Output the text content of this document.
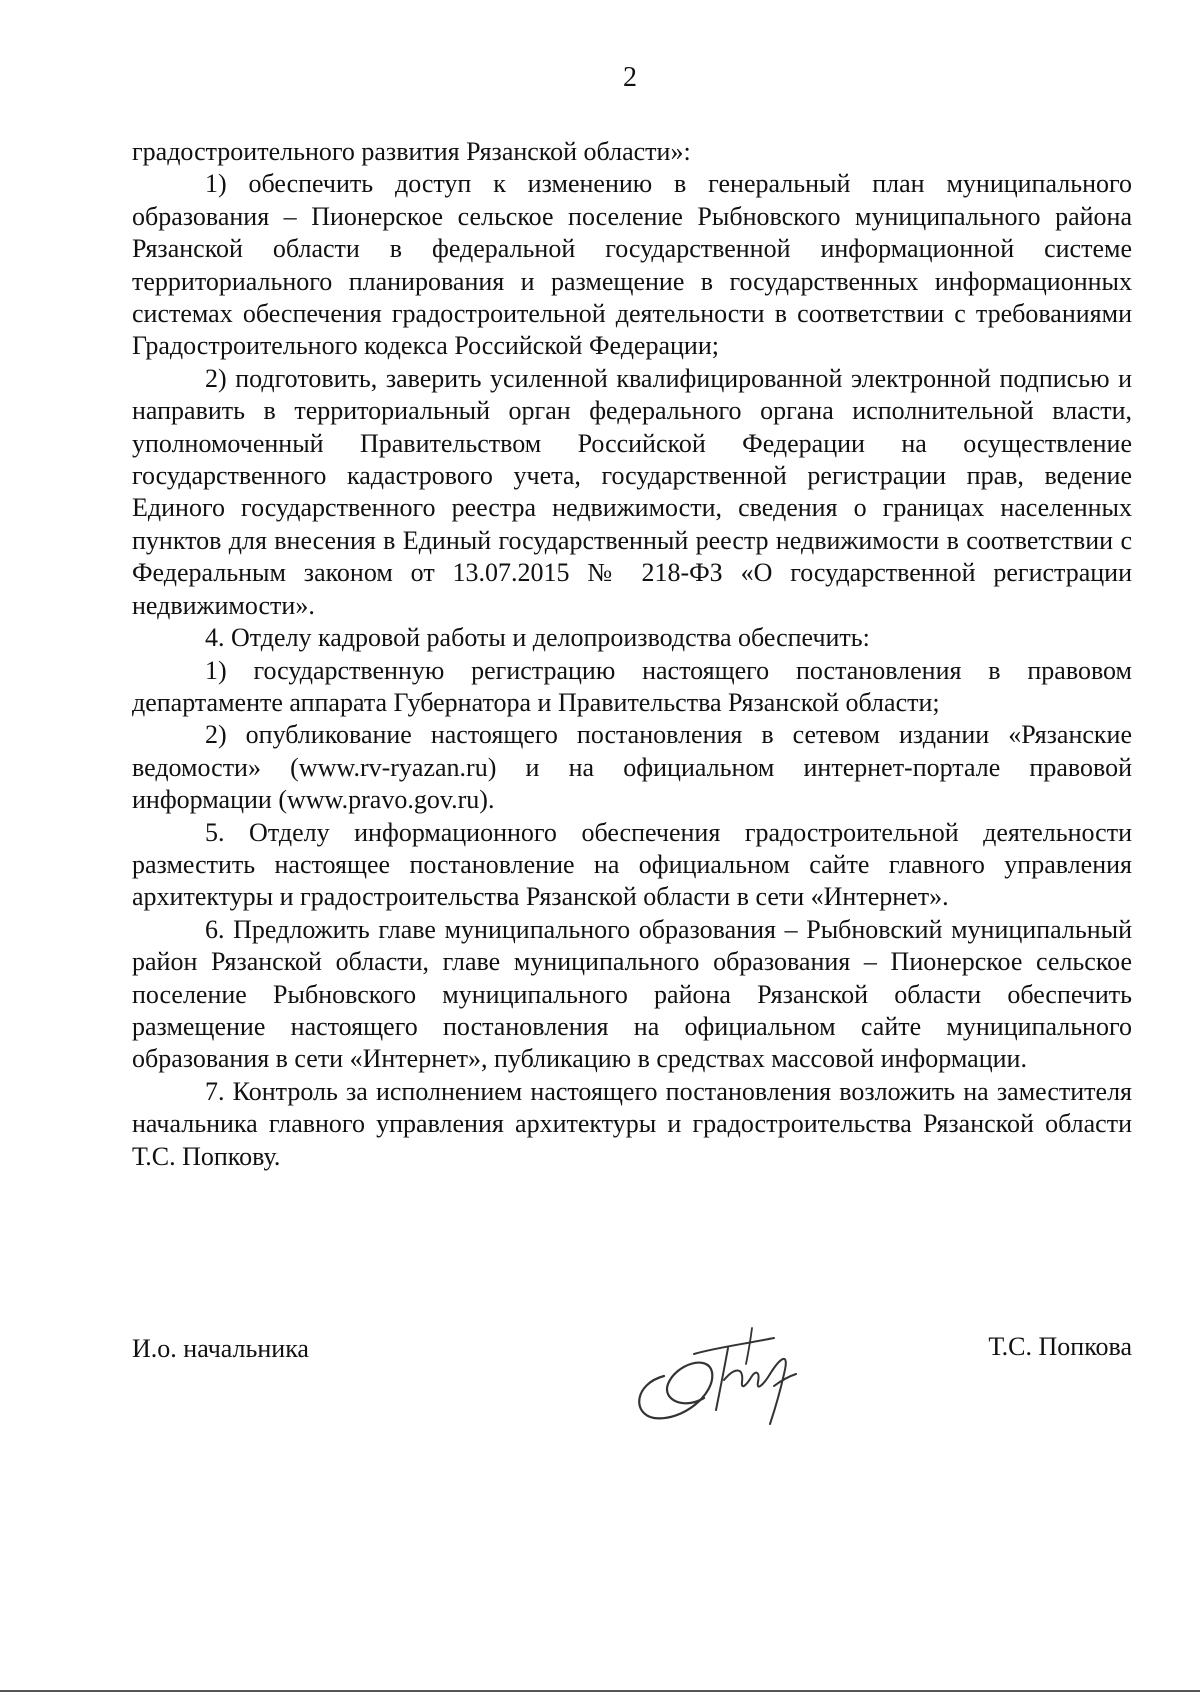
2

градостроительного развития Рязанской области»:

1) обеспечить доступ к изменению в генеральный план муниципального образования – Пионерское сельское поселение Рыбновского муниципального района Рязанской области в федеральной государственной информационной системе территориального планирования и размещение в государственных информационных системах обеспечения градостроительной деятельности в соответствии с требованиями Градостроительного кодекса Российской Федерации;

2) подготовить, заверить усиленной квалифицированной электронной подписью и направить в территориальный орган федерального органа исполнительной власти, уполномоченный Правительством Российской Федерации на осуществление государственного кадастрового учета, государственной регистрации прав, ведение Единого государственного реестра недвижимости, сведения о границах населенных пунктов для внесения в Единый государственный реестр недвижимости в соответствии с Федеральным законом от 13.07.2015 № 218-ФЗ «О государственной регистрации недвижимости».

4. Отделу кадровой работы и делопроизводства обеспечить:

1) государственную регистрацию настоящего постановления в правовом департаменте аппарата Губернатора и Правительства Рязанской области;

2) опубликование настоящего постановления в сетевом издании «Рязанские ведомости» (www.rv-ryazan.ru) и на официальном интернет-портале правовой информации (www.pravo.gov.ru).

5. Отделу информационного обеспечения градостроительной деятельности разместить настоящее постановление на официальном сайте главного управления архитектуры и градостроительства Рязанской области в сети «Интернет».

6. Предложить главе муниципального образования – Рыбновский муниципальный район Рязанской области, главе муниципального образования – Пионерское сельское поселение Рыбновского муниципального района Рязанской области обеспечить размещение настоящего постановления на официальном сайте муниципального образования в сети «Интернет», публикацию в средствах массовой информации.

7. Контроль за исполнением настоящего постановления возложить на заместителя начальника главного управления архитектуры и градостроительства Рязанской области Т.С. Попкову.

И.о. начальника	Т.С. Попкова
